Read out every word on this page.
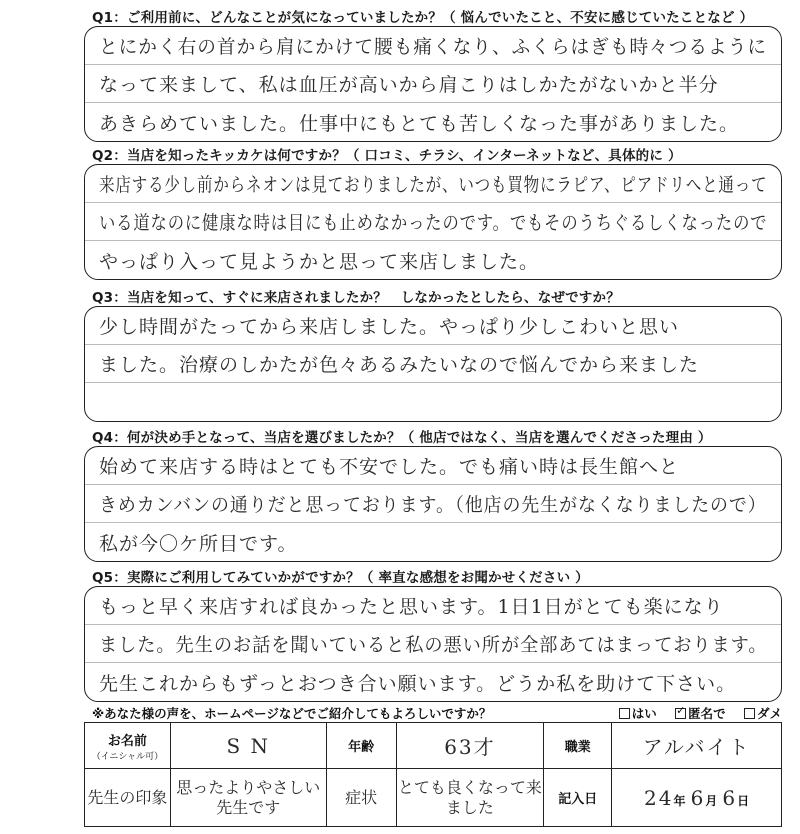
Q1：ご利用前に、どんなことが気になっていましたか？（ 悩んでいたこと、不安に感じていたことなど ）
とにかく右の首から肩にかけて腰も痛くなり、ふくらはぎも時々つるように
なって来まして、私は血圧が高いから肩こりはしかたがないかと半分
あきらめていました。仕事中にもとても苦しくなった事がありました。
Q2：当店を知ったキッカケは何ですか？（ 口コミ、チラシ、インターネットなど、具体的に ）
来店する少し前からネオンは見ておりましたが、いつも買物にラピア、ピアドリへと通って
いる道なのに健康な時は目にも止めなかったのです。でもそのうちぐるしくなったので
やっぱり入って見ようかと思って来店しました。
Q3：当店を知って、すぐに来店されましたか？　しなかったとしたら、なぜですか？
少し時間がたってから来店しました。やっぱり少しこわいと思い
ました。治療のしかたが色々あるみたいなので悩んでから来ました
Q4：何が決め手となって、当店を選びましたか？（ 他店ではなく、当店を選んでくださった理由 ）
始めて来店する時はとても不安でした。でも痛い時は長生館へと
きめカンバンの通りだと思っております。（他店の先生がなくなりましたので）
私が今〇ケ所目です。
Q5：実際にご利用してみていかがですか？（ 率直な感想をお聞かせください ）
もっと早く来店すれば良かったと思います。1日1日がとても楽になり
ました。先生のお話を聞いていると私の悪い所が全部あてはまっております。
先生これからもずっとおつき合い願います。どうか私を助けて下さい。
※あなた様の声を、ホームページなどでご紹介してもよろしいですか？	はい ✓	匿名で	ダメ
お名前
（イニシャル可）	S N	年齢	63才	職業	アルバイト
先生の印象	思ったよりやさしい先生です	症状	とても良くなって来ました	記入日	24年 6月 6日
